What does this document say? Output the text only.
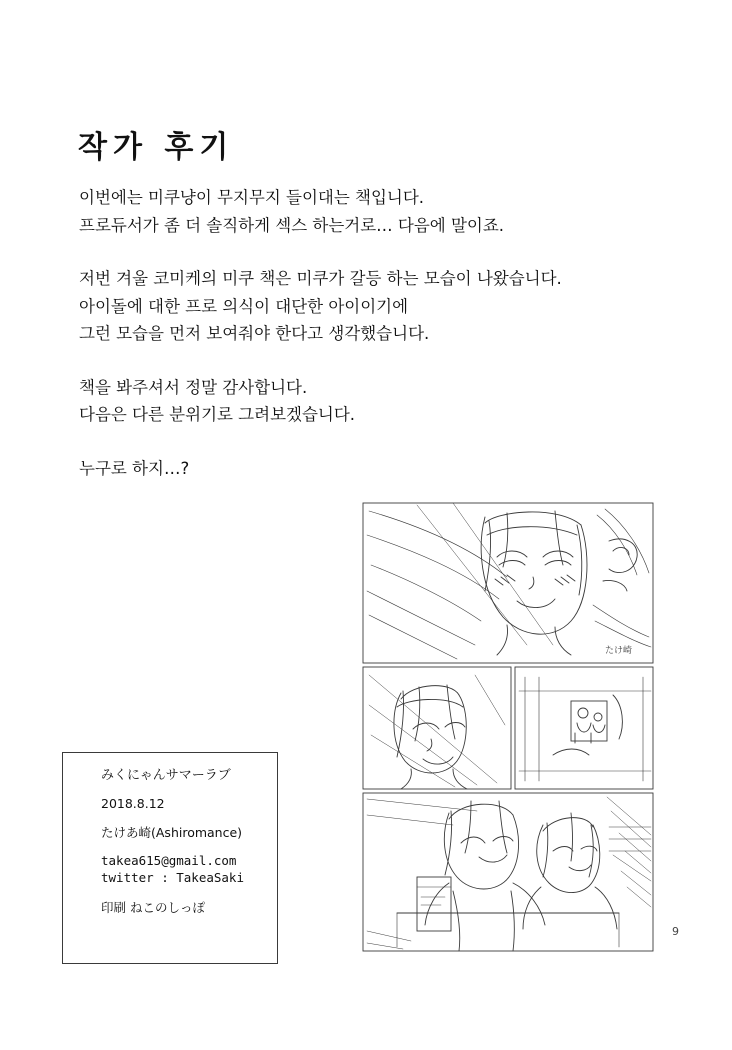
작가 후기

이번에는 미쿠냥이 무지무지 들이대는 책입니다.

프로듀서가 좀 더 솔직하게 섹스 하는거로… 다음에 말이죠.

저번 겨울 코미케의 미쿠 책은 미쿠가 갈등 하는 모습이 나왔습니다.

아이돌에 대한 프로 의식이 대단한 아이이기에

그런 모습을 먼저 보여줘야 한다고 생각했습니다.

책을 봐주셔서 정말 감사합니다.

다음은 다른 분위기로 그려보겠습니다.

누구로 하지…?

みくにゃんサマーラブ

2018.8.12

たけあ崎(Ashiromance)

takea615@gmail.com

twitter : TakeaSaki

印刷 ねこのしっぽ

たけ崎
9
